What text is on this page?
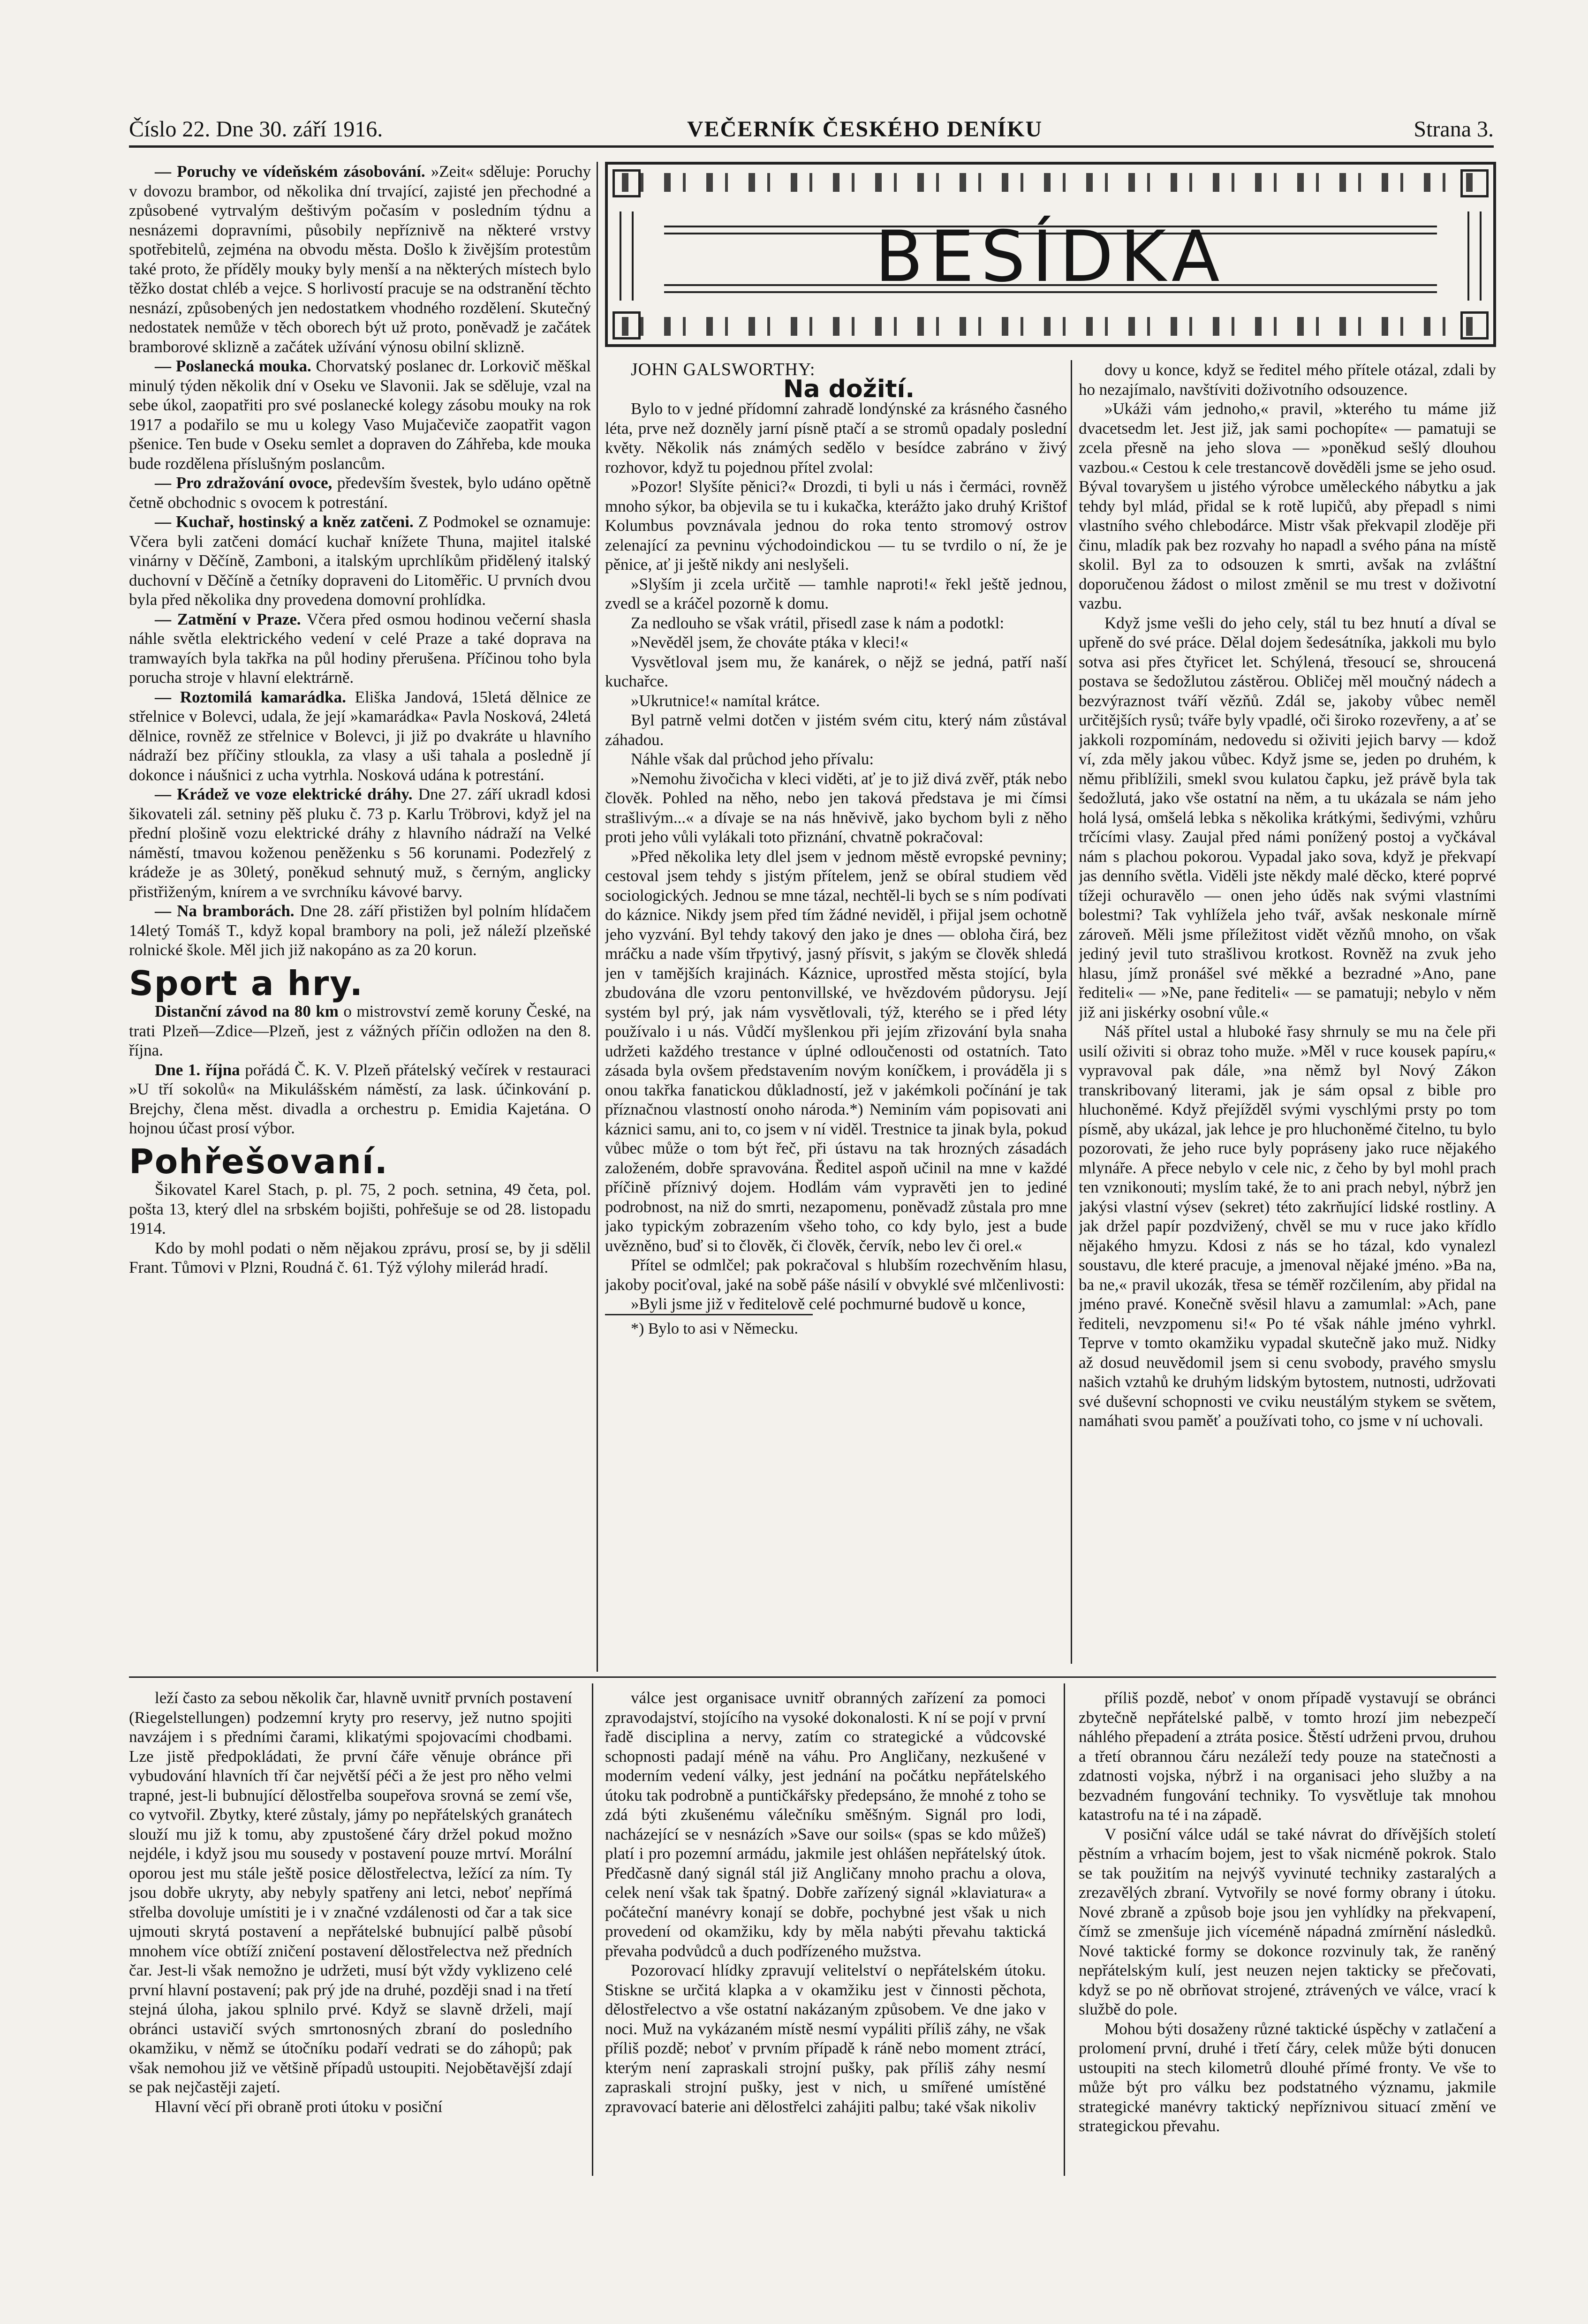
Číslo 22. Dne 30. září 1916.	VEČERNÍK ČESKÉHO DENÍKU	Strana 3.

— Poruchy ve vídeňském zásobování. »Zeit« sděluje: Poruchy v dovozu brambor, od několika dní trvající, zajisté jen přechodné a způsobené vytrvalým deštivým počasím v posledním týdnu a nesnázemi dopravními, působily nepříznivě na některé vrstvy spotřebitelů, zejména na obvodu města. Došlo k živějším protestům také proto, že příděly mouky byly menší a na některých místech bylo těžko dostat chléb a vejce. S horlivostí pracuje se na odstranění těchto nesnází, způsobených jen nedostatkem vhodného rozdělení. Skutečný nedostatek nemůže v těch oborech být už proto, poněvadž je začátek bramborové sklizně a začátek užívání výnosu obilní sklizně.

— Poslanecká mouka. Chorvatský poslanec dr. Lorkovič měškal minulý týden několik dní v Oseku ve Slavonii. Jak se sděluje, vzal na sebe úkol, zaopatřiti pro své poslanecké kolegy zásobu mouky na rok 1917 a podařilo se mu u kolegy Vaso Mujačeviče zaopatřit vagon pšenice. Ten bude v Oseku semlet a dopraven do Záhřeba, kde mouka bude rozdělena příslušným poslancům.

— Pro zdražování ovoce, především švestek, bylo udáno opětně četně obchodnic s ovocem k potrestání.

— Kuchař, hostinský a kněz zatčeni. Z Podmokel se oznamuje: Včera byli zatčeni domácí kuchař knížete Thuna, majitel italské vinárny v Děčíně, Zamboni, a italským uprchlíkům přidělený italský duchovní v Děčíně a četníky dopraveni do Litoměřic. U prvních dvou byla před několika dny provedena domovní prohlídka.

— Zatmění v Praze. Včera před osmou hodinou večerní shasla náhle světla elektrického vedení v celé Praze a také doprava na tramwayích byla takřka na půl hodiny přerušena. Příčinou toho byla porucha stroje v hlavní elektrárně.

— Roztomilá kamarádka. Eliška Jandová, 15letá dělnice ze střelnice v Bolevci, udala, že její »kamarádka« Pavla Nosková, 24letá dělnice, rovněž ze střelnice v Bolevci, ji již po dvakráte u hlavního nádraží bez příčiny stloukla, za vlasy a uši tahala a posledně jí dokonce i náušnici z ucha vytrhla. Nosková udána k potrestání.

— Krádež ve voze elektrické dráhy. Dne 27. září ukradl kdosi šikovateli zál. setniny pěš pluku č. 73 p. Karlu Tröbrovi, když jel na přední plošině vozu elektrické dráhy z hlavního nádraží na Velké náměstí, tmavou koženou peněženku s 56 korunami. Podezřelý z krádeže je as 30letý, poněkud sehnutý muž, s černým, anglicky přistřiženým, knírem a ve svrchníku kávové barvy.

— Na bramborách. Dne 28. září přistižen byl polním hlídačem 14letý Tomáš T., když kopal brambory na poli, jež náleží plzeňské rolnické škole. Měl jich již nakopáno as za 20 korun.

Sport a hry.

Distanční závod na 80 km o mistrovství země koruny České, na trati Plzeň—Zdice—Plzeň, jest z vážných příčin odložen na den 8. října.

Dne 1. října pořádá Č. K. V. Plzeň přátelský večírek v restauraci »U tří sokolů« na Mikulášském náměstí, za lask. účinkování p. Brejchy, člena měst. divadla a orchestru p. Emidia Kajetána. O hojnou účast prosí výbor.

Pohřešovaní.

Šikovatel Karel Stach, p. pl. 75, 2 poch. setnina, 49 četa, pol. pošta 13, který dlel na srbském bojišti, pohřešuje se od 28. listopadu 1914.

Kdo by mohl podati o něm nějakou zprávu, prosí se, by ji sdělil Frant. Tůmovi v Plzni, Roudná č. 61. Týž výlohy milerád hradí.

BESÍDKA

JOHN GALSWORTHY:

Na dožití.

Bylo to v jedné přídomní zahradě londýnské za krásného časného léta, prve než dozněly jarní písně ptačí a se stromů opadaly poslední květy. Několik nás známých sedělo v besídce zabráno v živý rozhovor, když tu pojednou přítel zvolal:

»Pozor! Slyšíte pěnici?« Drozdi, ti byli u nás i čermáci, rovněž mnoho sýkor, ba objevila se tu i kukačka, kterážto jako druhý Krištof Kolumbus povznávala jednou do roka tento stromový ostrov zelenající za pevninu východoindickou — tu se tvrdilo o ní, že je pěnice, ať ji ještě nikdy ani neslyšeli.

»Slyším ji zcela určitě — tamhle naproti!« řekl ještě jednou, zvedl se a kráčel pozorně k domu.

Za nedlouho se však vrátil, přisedl zase k nám a podotkl:

»Nevěděl jsem, že chováte ptáka v kleci!«

Vysvětloval jsem mu, že kanárek, o nějž se jedná, patří naší kuchařce.

»Ukrutnice!« namítal krátce.

Byl patrně velmi dotčen v jistém svém citu, který nám zůstával záhadou.

Náhle však dal průchod jeho přívalu:

»Nemohu živočicha v kleci viděti, ať je to již divá zvěř, pták nebo člověk. Pohled na něho, nebo jen taková představa je mi čímsi strašlivým...« a dívaje se na nás hněvivě, jako bychom byli z něho proti jeho vůli vylákali toto přiznání, chvatně pokračoval:

»Před několika lety dlel jsem v jednom městě evropské pevniny; cestoval jsem tehdy s jistým přítelem, jenž se obíral studiem věd sociologických. Jednou se mne tázal, nechtěl-li bych se s ním podívati do káznice. Nikdy jsem před tím žádné neviděl, i přijal jsem ochotně jeho vyzvání. Byl tehdy takový den jako je dnes — obloha čirá, bez mráčku a nade vším třpytivý, jasný přísvit, s jakým se člověk shledá jen v tamějších krajinách. Káznice, uprostřed města stojící, byla zbudována dle vzoru pentonvillské, ve hvězdovém půdorysu. Její systém byl prý, jak nám vysvětlovali, týž, kterého se i před léty používalo i u nás. Vůdčí myšlenkou při jejím zřizování byla snaha udržeti každého trestance v úplné odloučenosti od ostatních. Tato zásada byla ovšem představením novým koníčkem, i prováděla ji s onou takřka fanatickou důkladností, jež v jakémkoli počínání je tak příznačnou vlastností onoho národa.*) Neminím vám popisovati ani káznici samu, ani to, co jsem v ní viděl. Trestnice ta jinak byla, pokud vůbec může o tom být řeč, při ústavu na tak hrozných zásadách založeném, dobře spravována. Ředitel aspoň učinil na mne v každé příčině příznivý dojem. Hodlám vám vypravěti jen to jediné podrobnost, na niž do smrti, nezapomenu, poněvadž zůstala pro mne jako typickým zobrazením všeho toho, co kdy bylo, jest a bude uvězněno, buď si to člověk, či člověk, červík, nebo lev či orel.«

Přítel se odmlčel; pak pokračoval s hlubším rozechvěním hlasu, jakoby pociťoval, jaké na sobě páše násilí v obvyklé své mlčenlivosti:

»Byli jsme již v ředitelově celé pochmurné budově u konce,

*) Bylo to asi v Německu.

dovy u konce, když se ředitel mého přítele otázal, zdali by ho nezajímalo, navštíviti doživotního odsouzence.

»Ukáži vám jednoho,« pravil, »kterého tu máme již dvacetsedm let. Jest již, jak sami pochopíte« — pamatuji se zcela přesně na jeho slova — »poněkud sešlý dlouhou vazbou.« Cestou k cele trestancově dověděli jsme se jeho osud. Býval tovaryšem u jistého výrobce uměleckého nábytku a jak tehdy byl mlád, přidal se k rotě lupičů, aby přepadl s nimi vlastního svého chlebodárce. Mistr však překvapil zloděje při činu, mladík pak bez rozvahy ho napadl a svého pána na místě skolil. Byl za to odsouzen k smrti, avšak na zvláštní doporučenou žádost o milost změnil se mu trest v doživotní vazbu.

Když jsme vešli do jeho cely, stál tu bez hnutí a díval se upřeně do své práce. Dělal dojem šedesátníka, jakkoli mu bylo sotva asi přes čtyřicet let. Schýlená, třesoucí se, shroucená postava se šedožlutou zástěrou. Obličej měl moučný nádech a bezvýraznost tváří vězňů. Zdál se, jakoby vůbec neměl určitějších rysů; tváře byly vpadlé, oči široko rozevřeny, a ať se jakkoli rozpomínám, nedovedu si oživiti jejich barvy — kdož ví, zda měly jakou vůbec. Když jsme se, jeden po druhém, k němu přiblížili, smekl svou kulatou čapku, jež právě byla tak šedožlutá, jako vše ostatní na něm, a tu ukázala se nám jeho holá lysá, omšelá lebka s několika krátkými, šedivými, vzhůru trčícími vlasy. Zaujal před námi ponížený postoj a vyčkával nám s plachou pokorou. Vypadal jako sova, když je překvapí jas denního světla. Viděli jste někdy malé děcko, které poprvé tížeji ochuravělo — onen jeho úděs nak svými vlastními bolestmi? Tak vyhlížela jeho tvář, avšak neskonale mírně zároveň. Měli jsme příležitost vidět vězňů mnoho, on však jediný jevil tuto strašlivou krotkost. Rovněž na zvuk jeho hlasu, jímž pronášel své měkké a bezradné »Ano, pane řediteli« — »Ne, pane řediteli« — se pamatuji; nebylo v něm již ani jiskérky osobní vůle.«

Náš přítel ustal a hluboké řasy shrnuly se mu na čele při usilí oživiti si obraz toho muže. »Měl v ruce kousek papíru,« vypravoval pak dále, »na němž byl Nový Zákon transkribovaný literami, jak je sám opsal z bible pro hluchoněmé. Když přejížděl svými vyschlými prsty po tom písmě, aby ukázal, jak lehce je pro hluchoněmé čitelno, tu bylo pozorovati, že jeho ruce byly popráseny jako ruce nějakého mlynáře. A přece nebylo v cele nic, z čeho by byl mohl prach ten vznikonouti; myslím také, že to ani prach nebyl, nýbrž jen jakýsi vlastní výsev (sekret) této zakrňující lidské rostliny. A jak držel papír pozdvižený, chvěl se mu v ruce jako křídlo nějakého hmyzu. Kdosi z nás se ho tázal, kdo vynalezl soustavu, dle které pracuje, a jmenoval nějaké jméno. »Ba na, ba ne,« pravil ukozák, třesa se téměř rozčilením, aby přidal na jméno pravé. Konečně svěsil hlavu a zamumlal: »Ach, pane řediteli, nevzpomenu si!« Po té však náhle jméno vyhrkl. Teprve v tomto okamžiku vypadal skutečně jako muž. Nidky až dosud neuvědomil jsem si cenu svobody, pravého smyslu našich vztahů ke druhým lidským bytostem, nutnosti, udržovati své duševní schopnosti ve cviku neustálým stykem se světem, namáhati svou paměť a používati toho, co jsme v ní uchovali.

leží často za sebou několik čar, hlavně uvnitř prvních postavení (Riegelstellungen) podzemní kryty pro reservy, jež nutno spojiti navzájem i s předními čarami, klikatými spojovacími chodbami. Lze jistě předpokládati, že první čáře věnuje obránce při vybudování hlavních tří čar největší péči a že jest pro něho velmi trapné, jest-li bubnující dělostřelba soupeřova srovná se zemí vše, co vytvořil. Zbytky, které zůstaly, jámy po nepřátelských granátech slouží mu již k tomu, aby zpustošené čáry držel pokud možno nejdéle, i když jsou mu sousedy v postavení pouze mrtví. Morální oporou jest mu stále ještě posice dělostřelectva, ležící za ním. Ty jsou dobře ukryty, aby nebyly spatřeny ani letci, neboť nepřímá střelba dovoluje umístiti je i v značné vzdálenosti od čar a tak sice ujmouti skrytá postavení a nepřátelské bubnující palbě působí mnohem více obtíží zničení postavení dělostřelectva než předních čar. Jest-li však nemožno je udržeti, musí být vždy vyklizeno celé první hlavní postavení; pak prý jde na druhé, později snad i na třetí stejná úloha, jakou splnilo prvé. Když se slavně drželi, mají obránci ustavičí svých smrtonosných zbraní do posledního okamžiku, v němž se útočníku podaří vedrati se do záhopů; pak však nemohou již ve většině případů ustoupiti. Nejobětavější zdají se pak nejčastěji zajetí.

Hlavní věcí při obraně proti útoku v posiční

válce jest organisace uvnitř obranných zařízení za pomoci zpravodajství, stojícího na vysoké dokonalosti. K ní se pojí v první řadě disciplina a nervy, zatím co strategické a vůdcovské schopnosti padají méně na váhu. Pro Angličany, nezkušené v moderním vedení války, jest jednání na počátku nepřátelského útoku tak podrobně a puntičkářsky předepsáno, že mnohé z toho se zdá býti zkušenému válečníku směšným. Signál pro lodi, nacházející se v nesnázích »Save our soils« (spas se kdo můžeš) platí i pro pozemní armádu, jakmile jest ohlášen nepřátelský útok. Předčasně daný signál stál již Angličany mnoho prachu a olova, celek není však tak špatný. Dobře zařízený signál »klaviatura« a počáteční manévry konají se dobře, pochybné jest však u nich provedení od okamžiku, kdy by měla nabýti převahu taktická převaha podvůdců a duch podřízeného mužstva.

Pozorovací hlídky zpravují velitelství o nepřátelském útoku. Stiskne se určitá klapka a v okamžiku jest v činnosti pěchota, dělostřelectvo a vše ostatní nakázaným způsobem. Ve dne jako v noci. Muž na vykázaném místě nesmí vypáliti příliš záhy, ne však příliš pozdě; neboť v prvním případě k ráně nebo moment ztrácí, kterým není zapraskali strojní pušky, pak příliš záhy nesmí zapraskali strojní pušky, jest v nich, u smířené umístěné zpravovací baterie ani dělostřelci zahájiti palbu; také však nikoliv

příliš pozdě, neboť v onom případě vystavují se obránci zbytečně nepřátelské palbě, v tomto hrozí jim nebezpečí náhlého přepadení a ztráta posice. Štěstí udrženi prvou, druhou a třetí obrannou čáru nezáleží tedy pouze na statečnosti a zdatnosti vojska, nýbrž i na organisaci jeho služby a na bezvadném fungování techniky. To vysvětluje tak mnohou katastrofu na té i na západě.

V posiční válce udál se také návrat do dřívějších století pěstním a vrhacím bojem, jest to však nicméně pokrok. Stalo se tak použitím na nejvýš vyvinuté techniky zastaralých a zrezavělých zbraní. Vytvořily se nové formy obrany i útoku. Nové zbraně a způsob boje jsou jen vyhlídky na překvapení, čímž se zmenšuje jich víceméně nápadná zmírnění následků. Nové taktické formy se dokonce rozvinuly tak, že raněný nepřátelským kulí, jest neuzen nejen takticky se přečovati, když se po ně obrňovat strojené, ztrávených ve válce, vrací k službě do pole.

Mohou býti dosaženy různé taktické úspěchy v zatlačení a prolomení první, druhé i třetí čáry, celek může býti donucen ustoupiti na stech kilometrů dlouhé přímé fronty. Ve vše to může být pro válku bez podstatného významu, jakmile strategické manévry taktický nepříznivou situací změní ve strategickou převahu.
